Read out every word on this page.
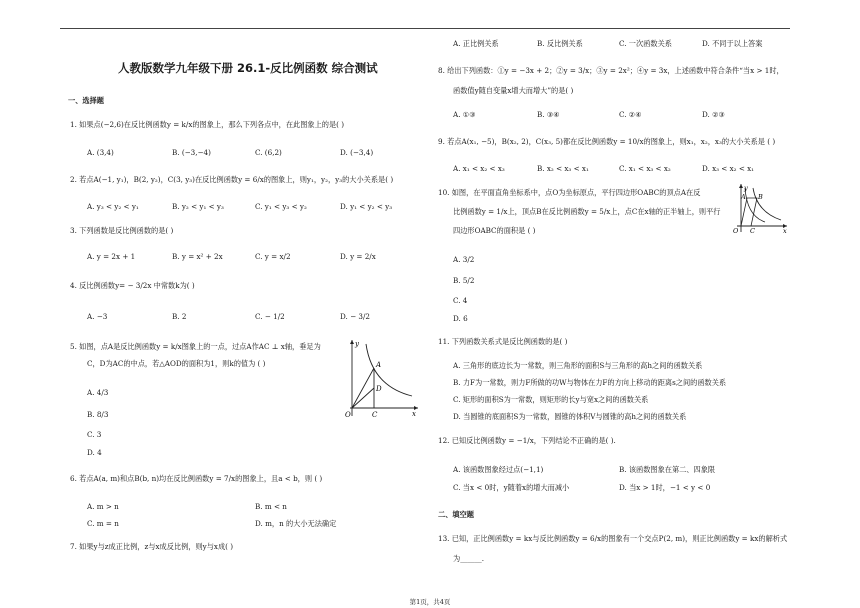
人教版数学九年级下册 26.1-反比例函数 综合测试
一、选择题
1. 如果点(−2,6)在反比例函数y = k/x的图象上，那么下列各点中，在此图象上的是( )
A. (3,4)	B. (−3,−4)	C. (6,2)	D. (−3,4)
2. 若点A(−1, y₁)，B(2, y₂)，C(3, y₃)在反比例函数y = 6/x的图象上，则y₁，y₂，y₃的大小关系是( )
A. y₃ < y₂ < y₁	B. y₂ < y₁ < y₃	C. y₁ < y₃ < y₂	D. y₁ < y₂ < y₃
3. 下列函数是反比例函数的是( )
A. y = 2x + 1	B. y = x² + 2x	C. y = x/2	D. y = 2/x
4. 反比例函数y= − 3/2x 中常数k为( )
A. −3	B. 2	C. − 1/2	D. − 3/2
5. 如图，点A是反比例函数y = k/x图象上的一点，过点A作AC ⊥ x轴，垂足为
C，D为AC的中点，若△AOD的面积为1，则k的值为 ( )
A. 4/3
B. 8/3
C. 3
D. 4
y
x
O
A
C
D
6. 若点A(a, m)和点B(b, n)均在反比例函数y = 7/x的图象上，且a < b，则 ( )
A. m > n	B. m < n
C. m = n	D. m，n 的大小无法确定
7. 如果y与z成正比例，z与x成反比例，则y与x成( )
A. 正比例关系	B. 反比例关系	C. 一次函数关系	D. 不同于以上答案
8. 给出下列函数：①y = −3x + 2；②y = 3/x；③y = 2x²；④y = 3x，上述函数中符合条件“当x > 1时，
函数值y随自变量x增大而增大”的是( )
A. ①③	B. ③④	C. ②④	D. ②③
9. 若点A(x₁, −5)，B(x₂, 2)，C(x₃, 5)都在反比例函数y = 10/x的图象上，则x₁，x₂，x₃的大小关系是 ( )
A. x₁ < x₂ < x₃	B. x₂ < x₃ < x₁	C. x₁ < x₃ < x₂	D. x₃ < x₂ < x₁
10. 如图，在平面直角坐标系中，点O为坐标原点，平行四边形OABC的顶点A在反
比例函数y = 1/x上，顶点B在反比例函数y = 5/x上，点C在x轴的正半轴上，则平行
四边形OABC的面积是 ( )
A. 3/2
B. 5/2
C. 4
D. 6
y
x
O
A B
C
11. 下列函数关系式是反比例函数的是( )
A. 三角形的底边长为一常数，则三角形的面积S与三角形的高h之间的函数关系
B. 力F为一常数，则力F所做的功W与物体在力F的方向上移动的距离s之间的函数关系
C. 矩形的面积S为一常数，则矩形的长y与宽x之间的函数关系
D. 当圆锥的底面积S为一常数，圆锥的体积V与圆锥的高h之间的函数关系
12. 已知反比例函数y = −1/x，下列结论不正确的是( ).
A. 该函数图象经过点(−1,1)	B. 该函数图象在第二、四象限
C. 当x < 0时，y随着x的增大而减小	D. 当x > 1时，−1 < y < 0
二、填空题
13. 已知，正比例函数y = kx与反比例函数y = 6/x的图象有一个交点P(2, m)，则正比例函数y = kx的解析式
为______.
第1页，共4页
